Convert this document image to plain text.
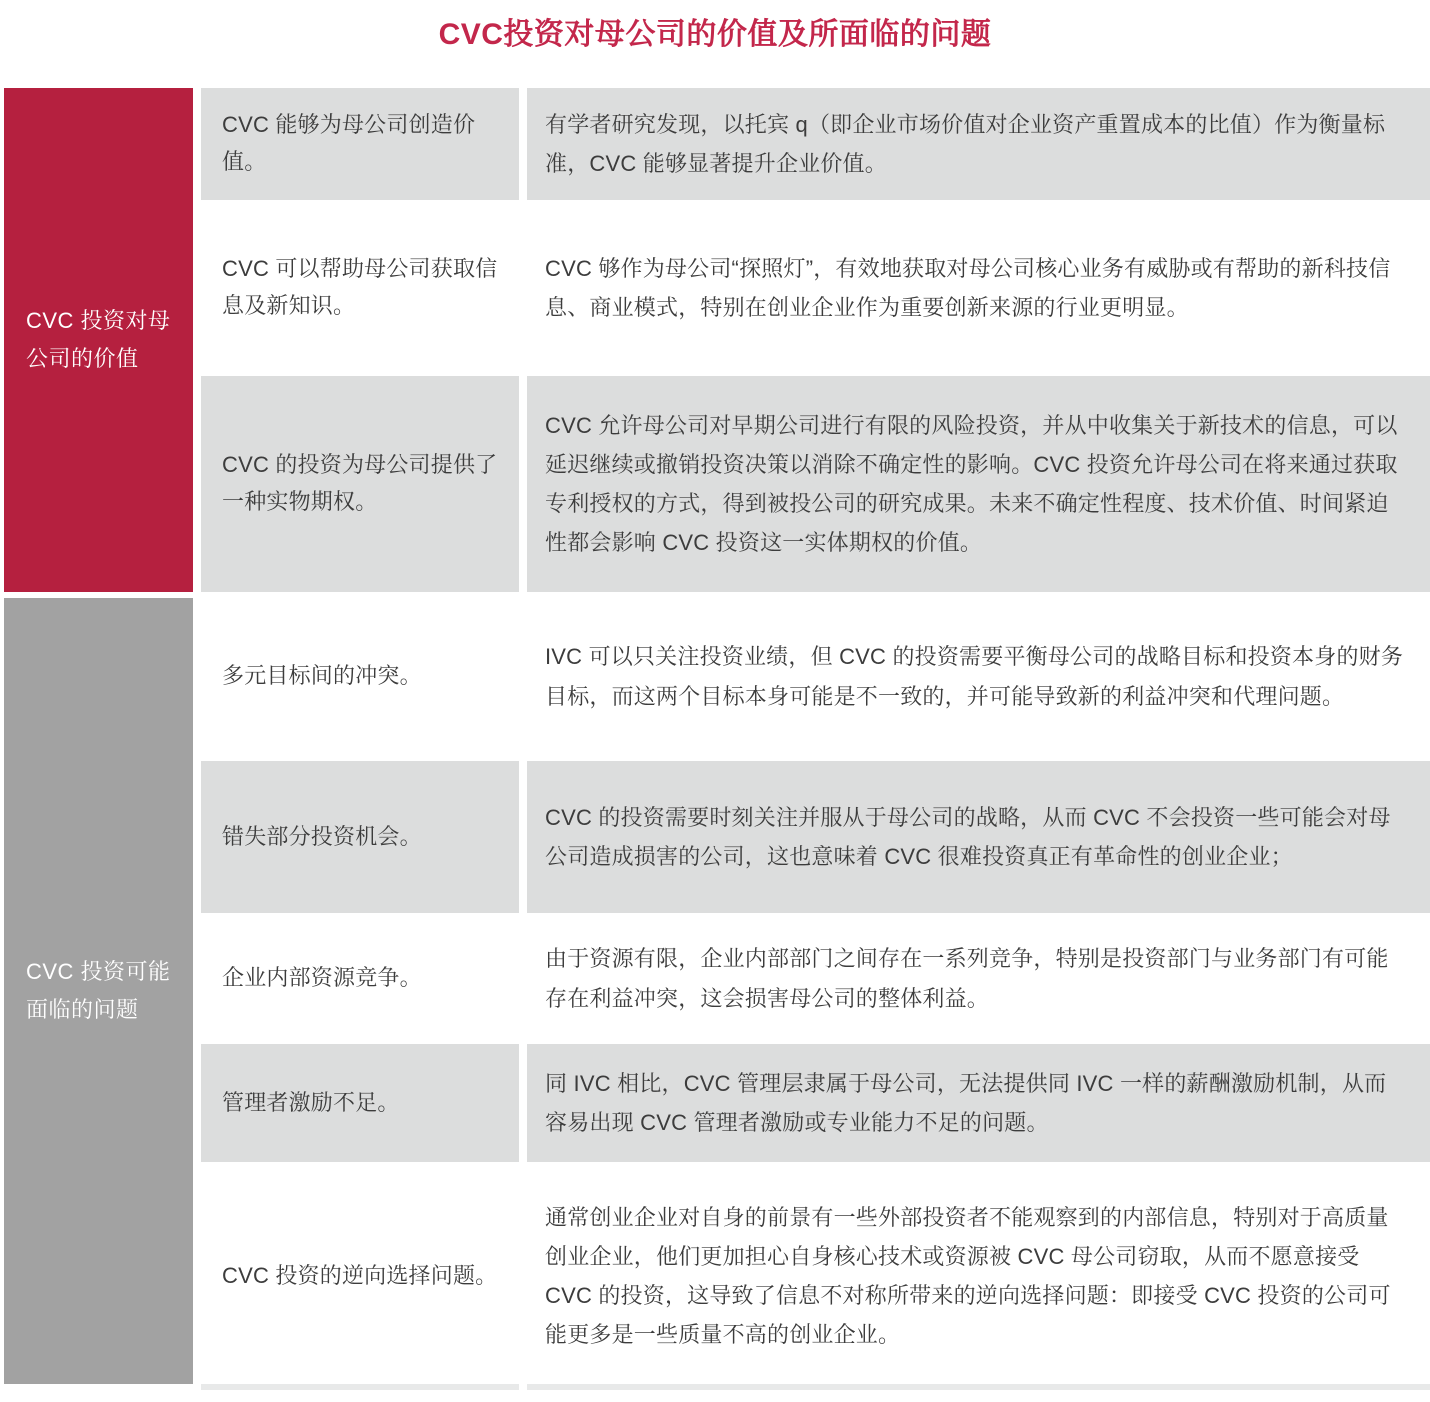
CVC投资对母公司的价值及所面临的问题
CVC 投资对母公司的价值
CVC 投资可能面临的问题
CVC 能够为母公司创造价值。
有学者研究发现，以托宾 q（即企业市场价值对企业资产重置成本的比值）作为衡量标准，CVC 能够显著提升企业价值。
CVC 可以帮助母公司获取信息及新知识。
CVC 够作为母公司“探照灯”，有效地获取对母公司核心业务有威胁或有帮助的新科技信息、商业模式，特别在创业企业作为重要创新来源的行业更明显。
CVC 的投资为母公司提供了一种实物期权。
CVC 允许母公司对早期公司进行有限的风险投资，并从中收集关于新技术的信息，可以延迟继续或撤销投资决策以消除不确定性的影响。CVC 投资允许母公司在将来通过获取专利授权的方式，得到被投公司的研究成果。未来不确定性程度、技术价值、时间紧迫性都会影响 CVC 投资这一实体期权的价值。
多元目标间的冲突。
IVC 可以只关注投资业绩，但 CVC 的投资需要平衡母公司的战略目标和投资本身的财务目标，而这两个目标本身可能是不一致的，并可能导致新的利益冲突和代理问题。
错失部分投资机会。
CVC 的投资需要时刻关注并服从于母公司的战略，从而 CVC 不会投资一些可能会对母公司造成损害的公司，这也意味着 CVC 很难投资真正有革命性的创业企业；
企业内部资源竞争。
由于资源有限，企业内部部门之间存在一系列竞争，特别是投资部门与业务部门有可能存在利益冲突，这会损害母公司的整体利益。
管理者激励不足。
同 IVC 相比，CVC 管理层隶属于母公司，无法提供同 IVC 一样的薪酬激励机制，从而容易出现 CVC 管理者激励或专业能力不足的问题。
CVC 投资的逆向选择问题。
通常创业企业对自身的前景有一些外部投资者不能观察到的内部信息，特别对于高质量创业企业，他们更加担心自身核心技术或资源被 CVC 母公司窃取，从而不愿意接受 CVC 的投资，这导致了信息不对称所带来的逆向选择问题：即接受 CVC 投资的公司可能更多是一些质量不高的创业企业。
